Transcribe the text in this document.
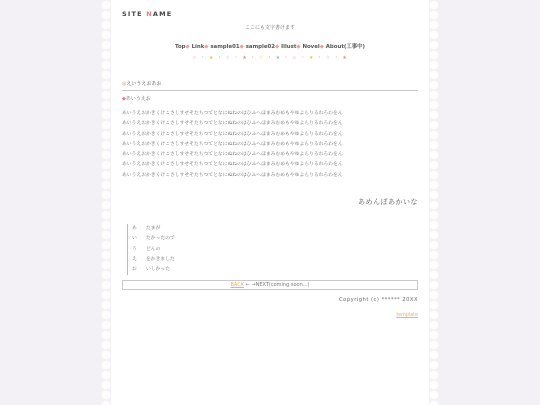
SITE NAME
ここにも文字書けます
Top◆ Link◆ sample01◆ sample02◆ Illust◆ Novel◆ About(工事中)
☆ ・ ★ ・ ☆ ・ ★ ・ ☆ ・ ★ ・ ☆ ・ ★ ・ ☆ ・ ★
◎えいうえおあお
◆あいうえお
あいうえおかきくけこさしすせそたちつてとなにぬねのはひふへほまみむめもやゆよらりるれろわをん
あいうえおかきくけこさしすせそたちつてとなにぬねのはひふへほまみむめもやゆよらりるれろわをん
あいうえおかきくけこさしすせそたちつてとなにぬねのはひふへほまみむめもやゆよらりるれろわをん
あいうえおかきくけこさしすせそたちつてとなにぬねのはひふへほまみむめもやゆよらりるれろわをん
あいうえおかきくけこさしすせそたちつてとなにぬねのはひふへほまみむめもやゆよらりるれろわをん
あいうえおかきくけこさしすせそたちつてとなにぬねのはひふへほまみむめもやゆよらりるれろわをん
あいうえおかきくけこさしすせそたちつてとなにぬねのはひふへほまみむめもやゆよらりるれろわをん
あめんぼあかいな
あ たまが
い たかったので
う どんの
え をかきました
お いしかった
BACK ← →NEXT(coming soon...)
Copyright (c) ****** 20XX
template
